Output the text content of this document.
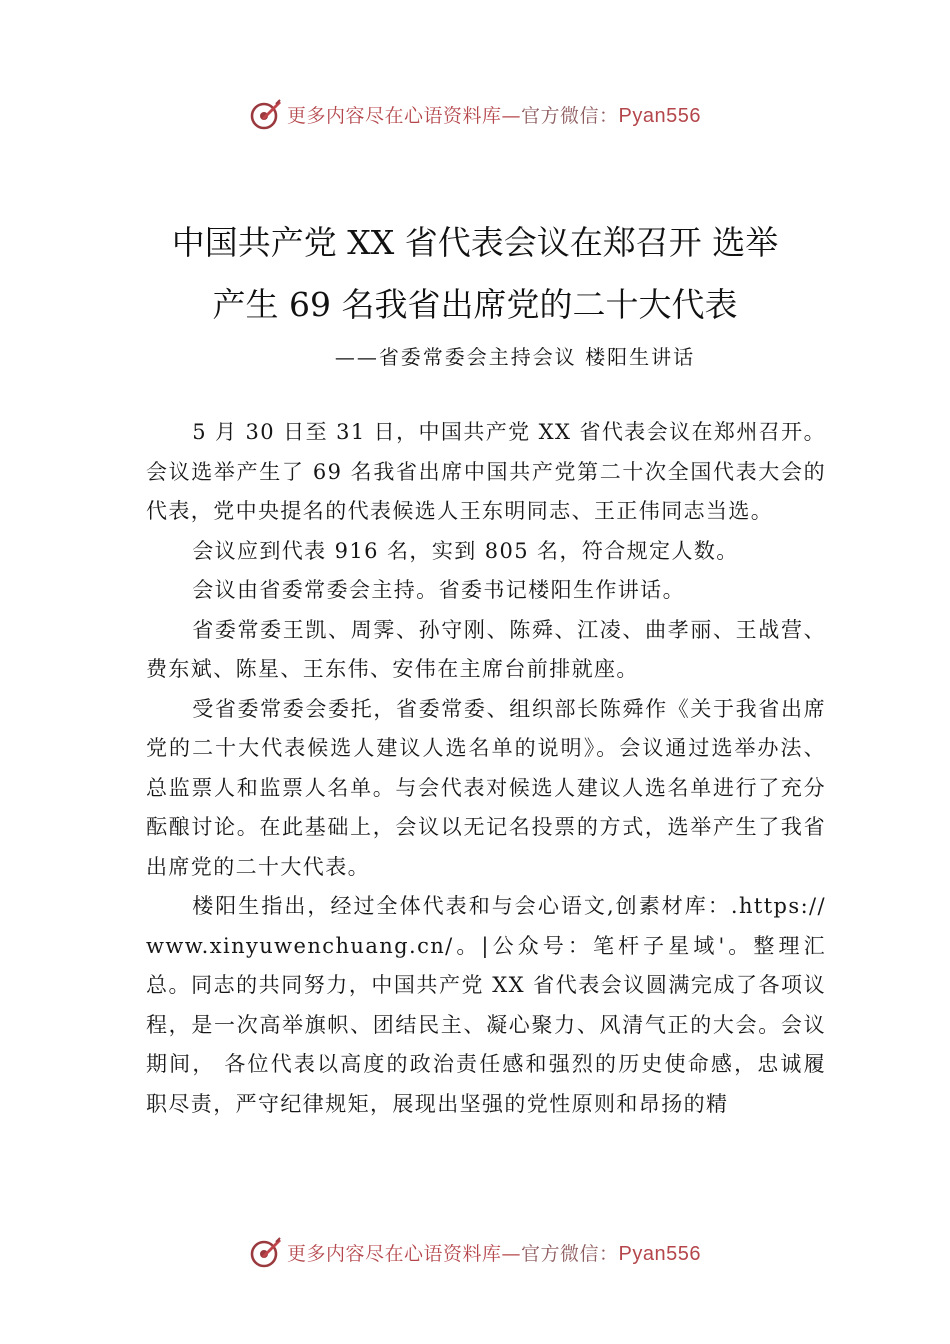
更多内容尽在心语资料库—官方微信：Pyan556
中国共产党 XX 省代表会议在郑召开 选举
产生 69 名我省出席党的二十大代表
——省委常委会主持会议 楼阳生讲话

5 月 30 日至 31 日，中国共产党 XX 省代表会议在郑州召开。会议选举产生了 69 名我省出席中国共产党第二十次全国代表大会的代表，党中央提名的代表候选人王东明同志、王正伟同志当选。

会议应到代表 916 名，实到 805 名，符合规定人数。

会议由省委常委会主持。省委书记楼阳生作讲话。

省委常委王凯、周霁、孙守刚、陈舜、江凌、曲孝丽、王战营、费东斌、陈星、王东伟、安伟在主席台前排就座。

受省委常委会委托，省委常委、组织部长陈舜作《关于我省出席党的二十大代表候选人建议人选名单的说明》。会议通过选举办法、总监票人和监票人名单。与会代表对候选人建议人选名单进行了充分酝酿讨论。在此基础上，会议以无记名投票的方式，选举产生了我省出席党的二十大代表。

楼阳生指出，经过全体代表和与会心语文,创素材库：.https://www.xinyuwenchuang.cn/。|公众号：笔杆子星域'。整理汇总。同志的共同努力，中国共产党 XX 省代表会议圆满完成了各项议程，是一次高举旗帜、团结民主、凝心聚力、风清气正的大会。会议期间， 各位代表以高度的政治责任感和强烈的历史使命感，忠诚履职尽责，严守纪律规矩，展现出坚强的党性原则和昂扬的精

更多内容尽在心语资料库—官方微信：Pyan556
